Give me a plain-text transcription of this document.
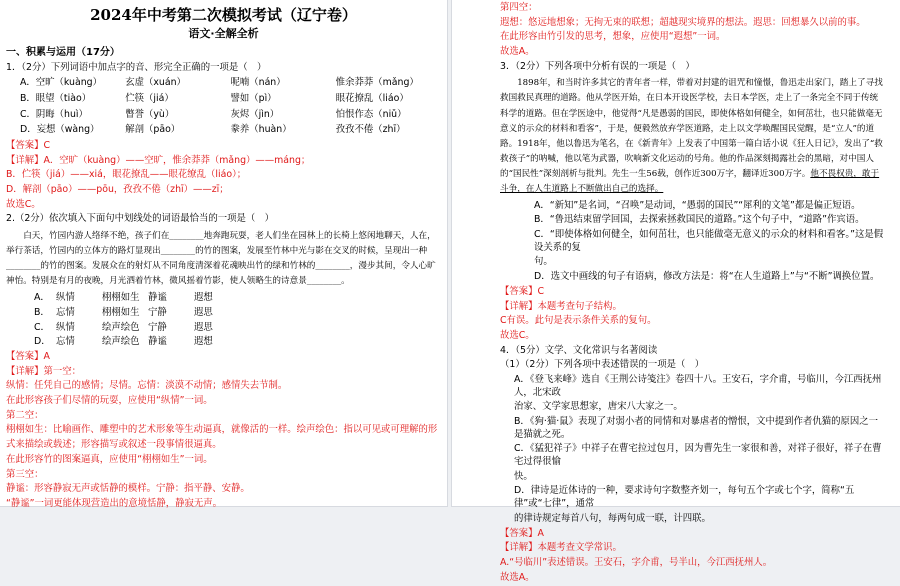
2024年中考第二次模拟考试（辽宁卷）
语文·全解全析
一、积累与运用（17分）
1．（2分）下列词语中加点字的音、形完全正确的一项是（　）
A．空旷（kuàng）	玄虚（xuán）	呢喃（nán）	惟余莽莽（mǎng）
B．眼望（tiào）	伫筷（jiá）	譬如（pì）	眼花撩乱（liáo）
C．阴晦（huì）	瞥誉（yù）	灰烬（jìn）	怕恨作态（niǔ）
D．妄想（wàng）	解剖（pāo）	豢养（huàn）	孜孜不倦（zhī）
【答案】C
【详解】A．空旷（kuàng）——空旷，惟余莽莽（mǎng）——máng；
B．伫筷（jiá）——xiá，眼花撩乱——眼花缭乱（liáo）；
D．解剖（pāo）——pōu，孜孜不倦（zhī）——zī；
故选C。
2.（2分）依次填入下面句中划线处的词语最恰当的一项是（　）
白天，竹园内游人络绎不绝，孩子们在________地奔跑玩耍，老人们坐在园林上的长椅上悠闲地聊天，人在，举行茶话，竹园内的立体方的路灯显现出________的竹的图案，发展至竹林中光与影在交叉的时候，呈现出一种________的竹的图案。发展众在的射灯从不同角度清深着花魂映出竹的绿和竹林的________，漫步其间，令人心旷神怡。特别是有月的夜晚，月光洒着竹林，微风摇着竹影，使人领略生的诗意景________。
A． 纵情	栩栩如生 静谧	遐想
B． 忘情	栩栩如生 宁静	遐思
C． 纵情	绘声绘色 宁静	遐思
D． 忘情	绘声绘色 静谧	遐想
【答案】A
【详解】第一空：
纵情：任凭自己的感情；尽情。忘情：淡漠不动情；感情失去节制。
在此形容孩子们尽情的玩耍，应使用“纵情”一词。
第二空：
栩栩如生：比喻画作、雕塑中的艺术形象等生动逼真，就像活的一样。绘声绘色：指以可见或可理解的形
式来描绘或载述；形容描写或叙述一段事情很逼真。
在此形容竹的图案逼真，应使用“栩栩如生”一词。
第三空：
静谧：形容静寂无声或恬静的模样。宁静：指平静、安静。
“静谧”一词更能体现营造出的意境恬静，静寂无声。
第四空：
遐想：悠远地想象；无拘无束的联想；超越现实境界的想法。遐思：回想暴久以前的事。
在此形容由竹引发的思考，想象，应使用“遐想”一词。
故选A。
3．（2分）下列各项中分析有误的一项是（　）
1898年，和当时许多其它的青年者一样，带着对封建的诅咒和憧憬，鲁迅走出家门，踏上了寻找救国救民真理的道路。他从学医开始，在日本开设医学校，去日本学医，走上了一条完全不同于传统科学的道路。但在学医途中，他觉得“凡是愚弱的国民，即使体格如何健全，如何茁壮，也只能做毫无意义的示众的材料和看客”，于是，便毅然放弃学医道路，走上以文学唤醒国民觉醒，是“立人”的道路。1918年，他以鲁迅为笔名，在《新青年》上发表了中国第一篇白话小说《狂人日记》，发出了“救救孩子”的呐喊，他以笔为武器，吹响新文化运动的号角。他的作品深刻揭露社会的黑暗，对中国人的“国民性”深刻剖析与批判。先生一生56载，创作近300万字，翻译近300万字。他不畏权贵，敢于斗争，在人生道路上不断做出自己的选择。
A．“新知”是名词，“召唤”是动词，“愚弱的国民”“犀利的文笔”都是偏正短语。
B．“鲁迅结束留学回国，去探索拯救国民的道路。”这个句子中，“道路”作宾语。
C．“即使体格如何健全，如何茁壮，也只能做毫无意义的示众的材料和看客。”这是假设关系的复
句。
D．选文中画线的句子有语病，修改方法是：将“在人生道路上”与“不断”调换位置。
【答案】C
【详解】本题考查句子结构。
C有误。此句是表示条件关系的复句。
故选C。
4．（5分）文学、文化常识与名著阅读
（1）（2分）下列各项中表述错误的一项是（　）
A．《登飞来峰》选自《王荆公诗笺注》卷四十八。王安石，字介甫，号临川，今江西抚州人，北宋政
治家、文学家思想家，唐宋八大家之一。
B．《狗·猫·鼠》表现了对弱小者的同情和对暴虐者的憎恨，文中提到作者仇猫的原因之一是猫就之死。
C．《猛犯祥子》中祥子在曹宅拉过包月，因为曹先生一家很和善，对祥子很好，祥子在曹宅过得很愉
快。
D．律诗是近体诗的一种，要求诗句字数整齐划一，每句五个字或七个字，简称“五律”或“七律”，通常
的律诗规定每首八句，每两句成一联，计四联。
【答案】A
【详解】本题考查文学常识。
A.“号临川”表述错误。王安石，字介甫，号半山，今江西抚州人。
故选A。
